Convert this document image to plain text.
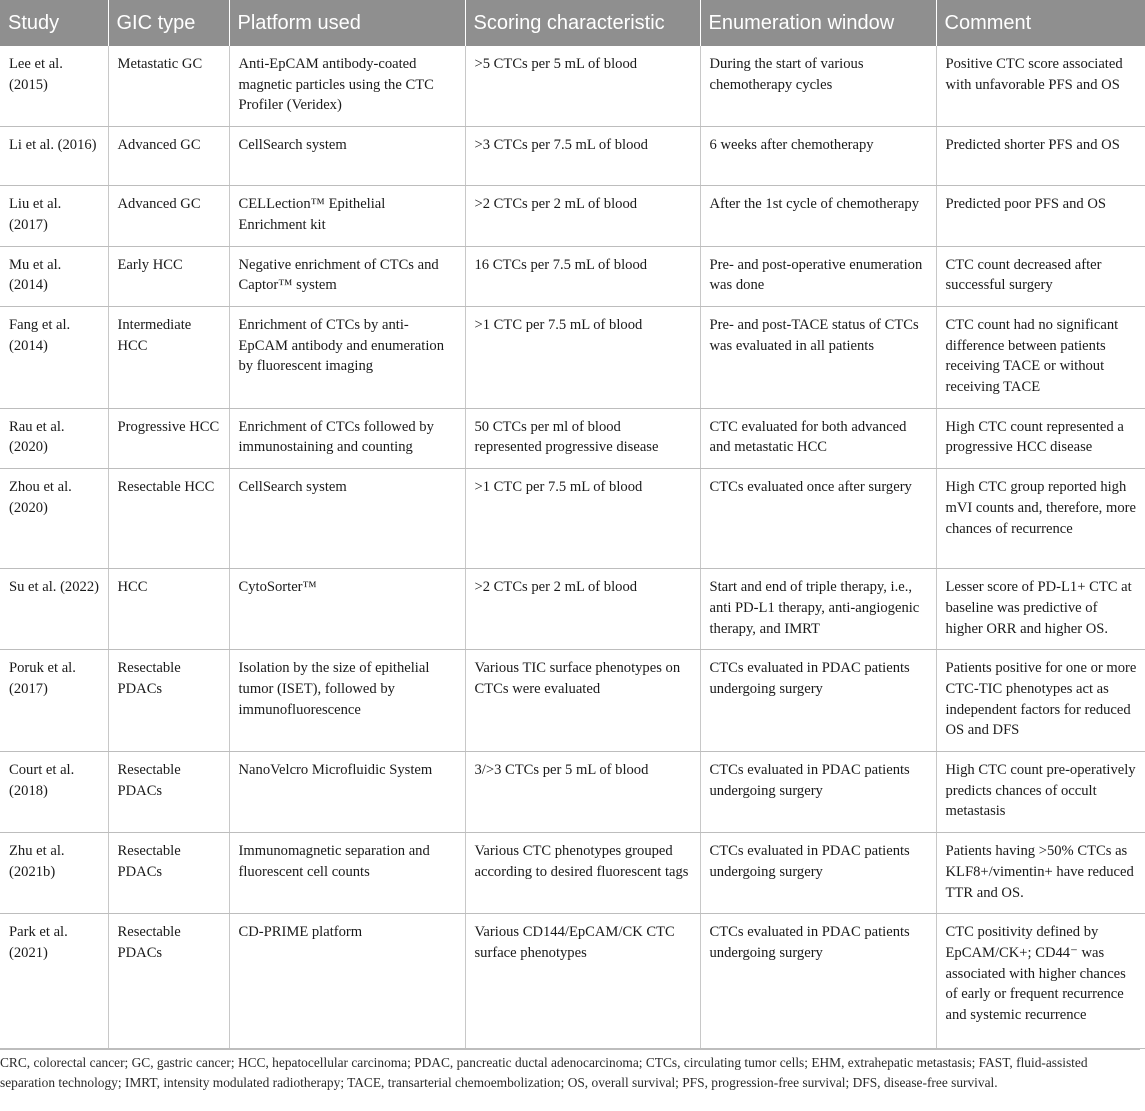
Study	GIC type	Platform used	Scoring characteristic	Enumeration window	Comment
Lee et al. (2015)	Metastatic GC	Anti-EpCAM antibody-coated magnetic particles using the CTC Profiler (Veridex)	>5 CTCs per 5 mL of blood	During the start of various chemotherapy cycles	Positive CTC score associated with unfavorable PFS and OS
Li et al. (2016)	Advanced GC	CellSearch system	>3 CTCs per 7.5 mL of blood	6 weeks after chemotherapy	Predicted shorter PFS and OS
Liu et al. (2017)	Advanced GC	CELLection™ Epithelial Enrichment kit	>2 CTCs per 2 mL of blood	After the 1st cycle of chemotherapy	Predicted poor PFS and OS
Mu et al. (2014)	Early HCC	Negative enrichment of CTCs and Captor™ system	16 CTCs per 7.5 mL of blood	Pre- and post-operative enumeration was done	CTC count decreased after successful surgery
Fang et al. (2014)	Intermediate HCC	Enrichment of CTCs by anti-EpCAM antibody and enumeration by fluorescent imaging	>1 CTC per 7.5 mL of blood	Pre- and post-TACE status of CTCs was evaluated in all patients	CTC count had no significant difference between patients receiving TACE or without receiving TACE
Rau et al. (2020)	Progressive HCC	Enrichment of CTCs followed by immunostaining and counting	50 CTCs per ml of blood represented progressive disease	CTC evaluated for both advanced and metastatic HCC	High CTC count represented a progressive HCC disease
Zhou et al. (2020)	Resectable HCC	CellSearch system	>1 CTC per 7.5 mL of blood	CTCs evaluated once after surgery	High CTC group reported high mVI counts and, therefore, more chances of recurrence
Su et al. (2022)	HCC	CytoSorter™	>2 CTCs per 2 mL of blood	Start and end of triple therapy, i.e., anti PD-L1 therapy, anti-angiogenic therapy, and IMRT	Lesser score of PD-L1+ CTC at baseline was predictive of higher ORR and higher OS.
Poruk et al. (2017)	Resectable PDACs	Isolation by the size of epithelial tumor (ISET), followed by immunofluorescence	Various TIC surface phenotypes on CTCs were evaluated	CTCs evaluated in PDAC patients undergoing surgery	Patients positive for one or more CTC-TIC phenotypes act as independent factors for reduced OS and DFS
Court et al. (2018)	Resectable PDACs	NanoVelcro Microfluidic System	3/>3 CTCs per 5 mL of blood	CTCs evaluated in PDAC patients undergoing surgery	High CTC count pre-operatively predicts chances of occult metastasis
Zhu et al. (2021b)	Resectable PDACs	Immunomagnetic separation and fluorescent cell counts	Various CTC phenotypes grouped according to desired fluorescent tags	CTCs evaluated in PDAC patients undergoing surgery	Patients having >50% CTCs as KLF8+/vimentin+ have reduced TTR and OS.
Park et al. (2021)	Resectable PDACs	CD-PRIME platform	Various CD144/EpCAM/CK CTC surface phenotypes	CTCs evaluated in PDAC patients undergoing surgery	CTC positivity defined by EpCAM/CK+; CD44⁻ was associated with higher chances of early or frequent recurrence and systemic recurrence
CRC, colorectal cancer; GC, gastric cancer; HCC, hepatocellular carcinoma; PDAC, pancreatic ductal adenocarcinoma; CTCs, circulating tumor cells; EHM, extrahepatic metastasis; FAST, fluid-assisted separation technology; IMRT, intensity modulated radiotherapy; TACE, transarterial chemoembolization; OS, overall survival; PFS, progression-free survival; DFS, disease-free survival.
